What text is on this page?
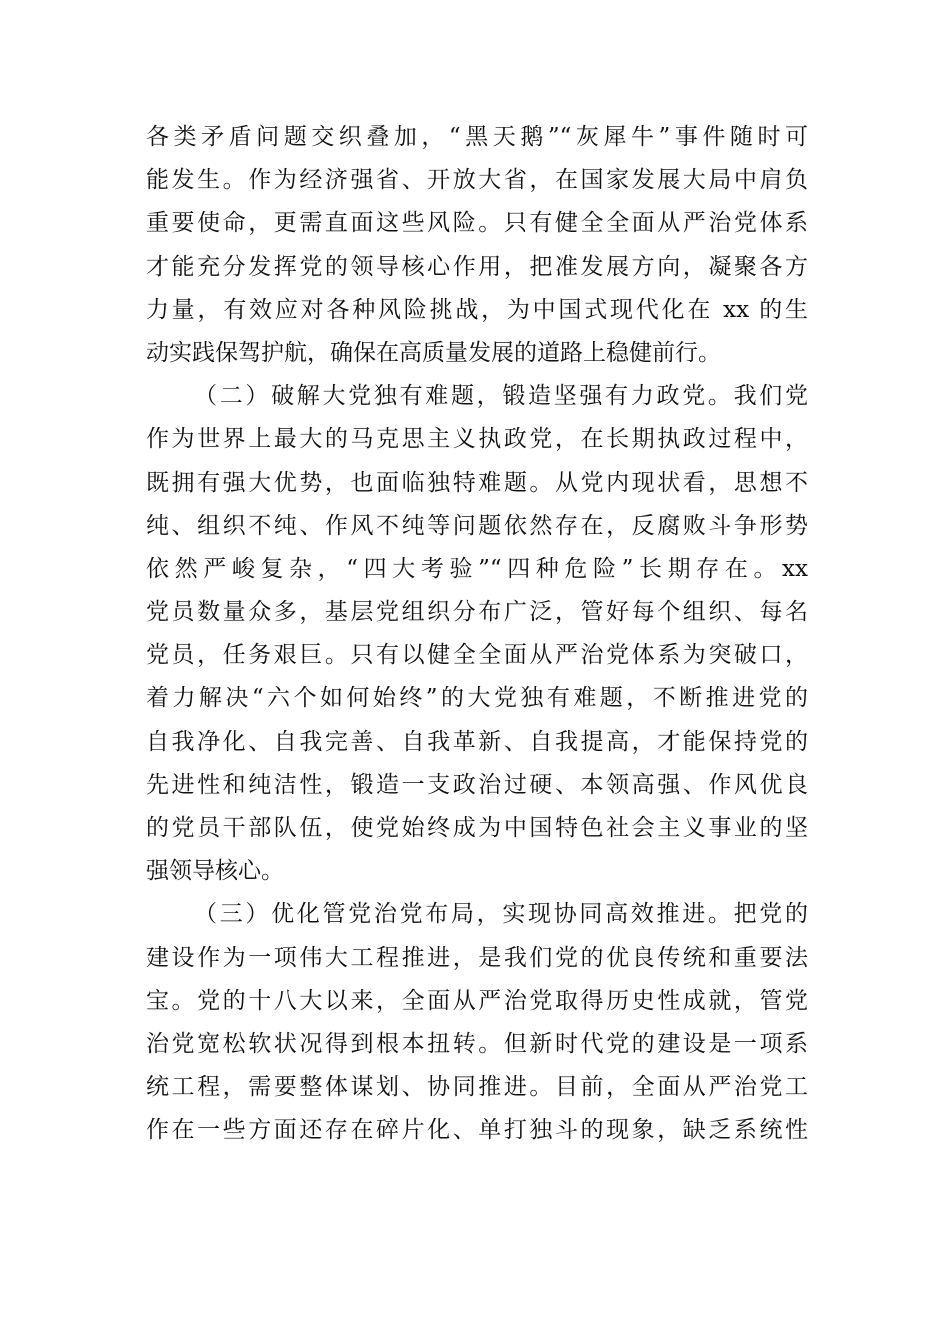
各类矛盾问题交织叠加，“黑天鹅”“灰犀牛”事件随时可
能发生。作为经济强省、开放大省，在国家发展大局中肩负
重要使命，更需直面这些风险。只有健全全面从严治党体系
才能充分发挥党的领导核心作用，把准发展方向，凝聚各方
力量，有效应对各种风险挑战，为中国式现代化在 xx 的生
动实践保驾护航，确保在高质量发展的道路上稳健前行。
（二）破解大党独有难题，锻造坚强有力政党。我们党
作为世界上最大的马克思主义执政党，在长期执政过程中，
既拥有强大优势，也面临独特难题。从党内现状看，思想不
纯、组织不纯、作风不纯等问题依然存在，反腐败斗争形势
依然严峻复杂，“四大考验”“四种危险”长期存在。xx
党员数量众多，基层党组织分布广泛，管好每个组织、每名
党员，任务艰巨。只有以健全全面从严治党体系为突破口，
着力解决“六个如何始终”的大党独有难题，不断推进党的
自我净化、自我完善、自我革新、自我提高，才能保持党的
先进性和纯洁性，锻造一支政治过硬、本领高强、作风优良
的党员干部队伍，使党始终成为中国特色社会主义事业的坚
强领导核心。
（三）优化管党治党布局，实现协同高效推进。把党的
建设作为一项伟大工程推进，是我们党的优良传统和重要法
宝。党的十八大以来，全面从严治党取得历史性成就，管党
治党宽松软状况得到根本扭转。但新时代党的建设是一项系
统工程，需要整体谋划、协同推进。目前，全面从严治党工
作在一些方面还存在碎片化、单打独斗的现象，缺乏系统性
